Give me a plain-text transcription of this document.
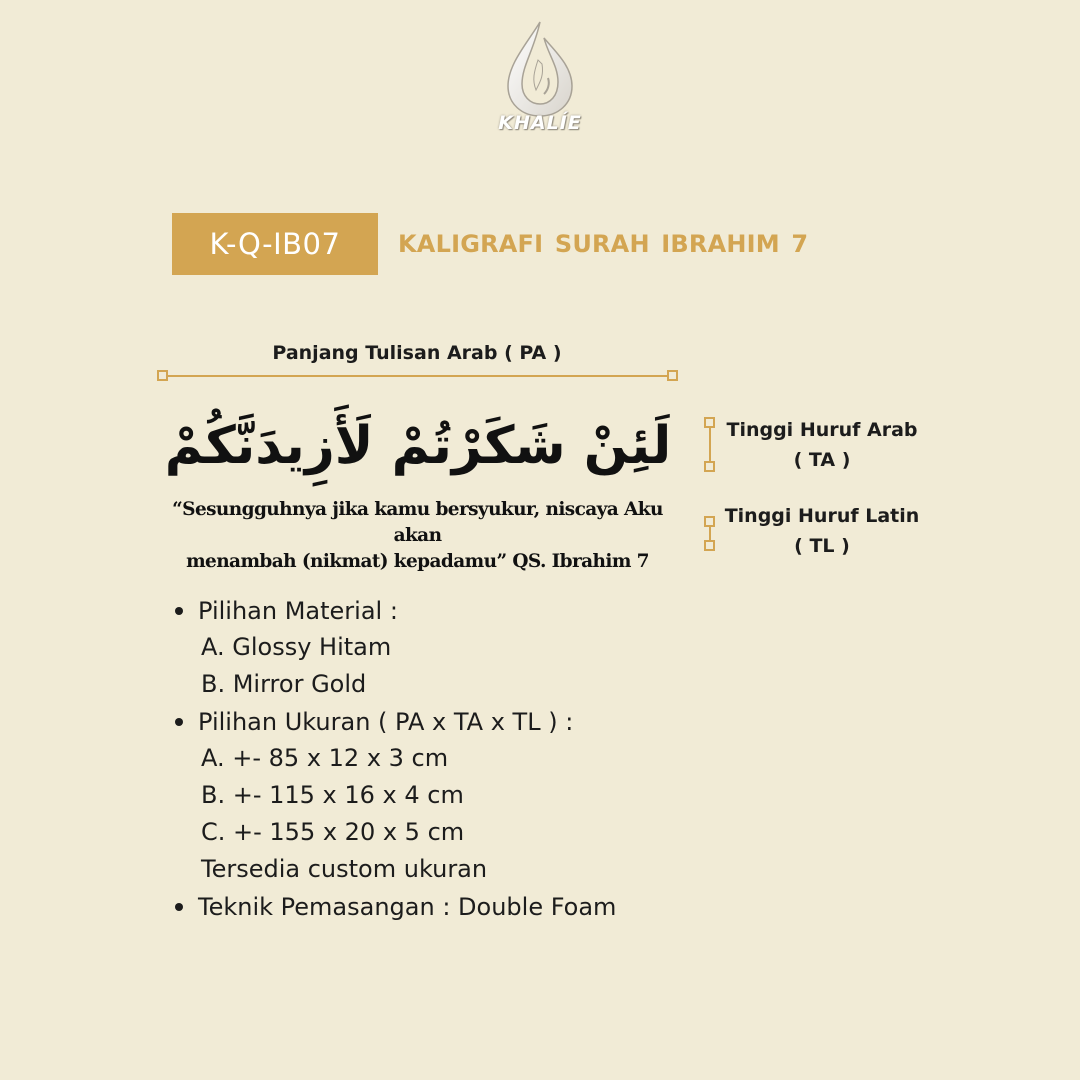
KHALÍE
K-Q-IB07	KALIGRAFI SURAH IBRAHIM 7
Panjang Tulisan Arab ( PA )
Tinggi Huruf Arab
( TA )
Tinggi Huruf Latin
( TL )
لَئِنْ شَكَرْتُمْ لَأَزِيدَنَّكُمْ
“Sesungguhnya jika kamu bersyukur, niscaya Aku akan
menambah (nikmat) kepadamu” QS. Ibrahim 7
Pilihan Material :
A. Glossy Hitam
B. Mirror Gold
Pilihan Ukuran ( PA x TA x TL ) :
A. +- 85 x 12 x 3 cm
B. +- 115 x 16 x 4 cm
C. +- 155 x 20 x 5 cm
Tersedia custom ukuran
Teknik Pemasangan : Double Foam
